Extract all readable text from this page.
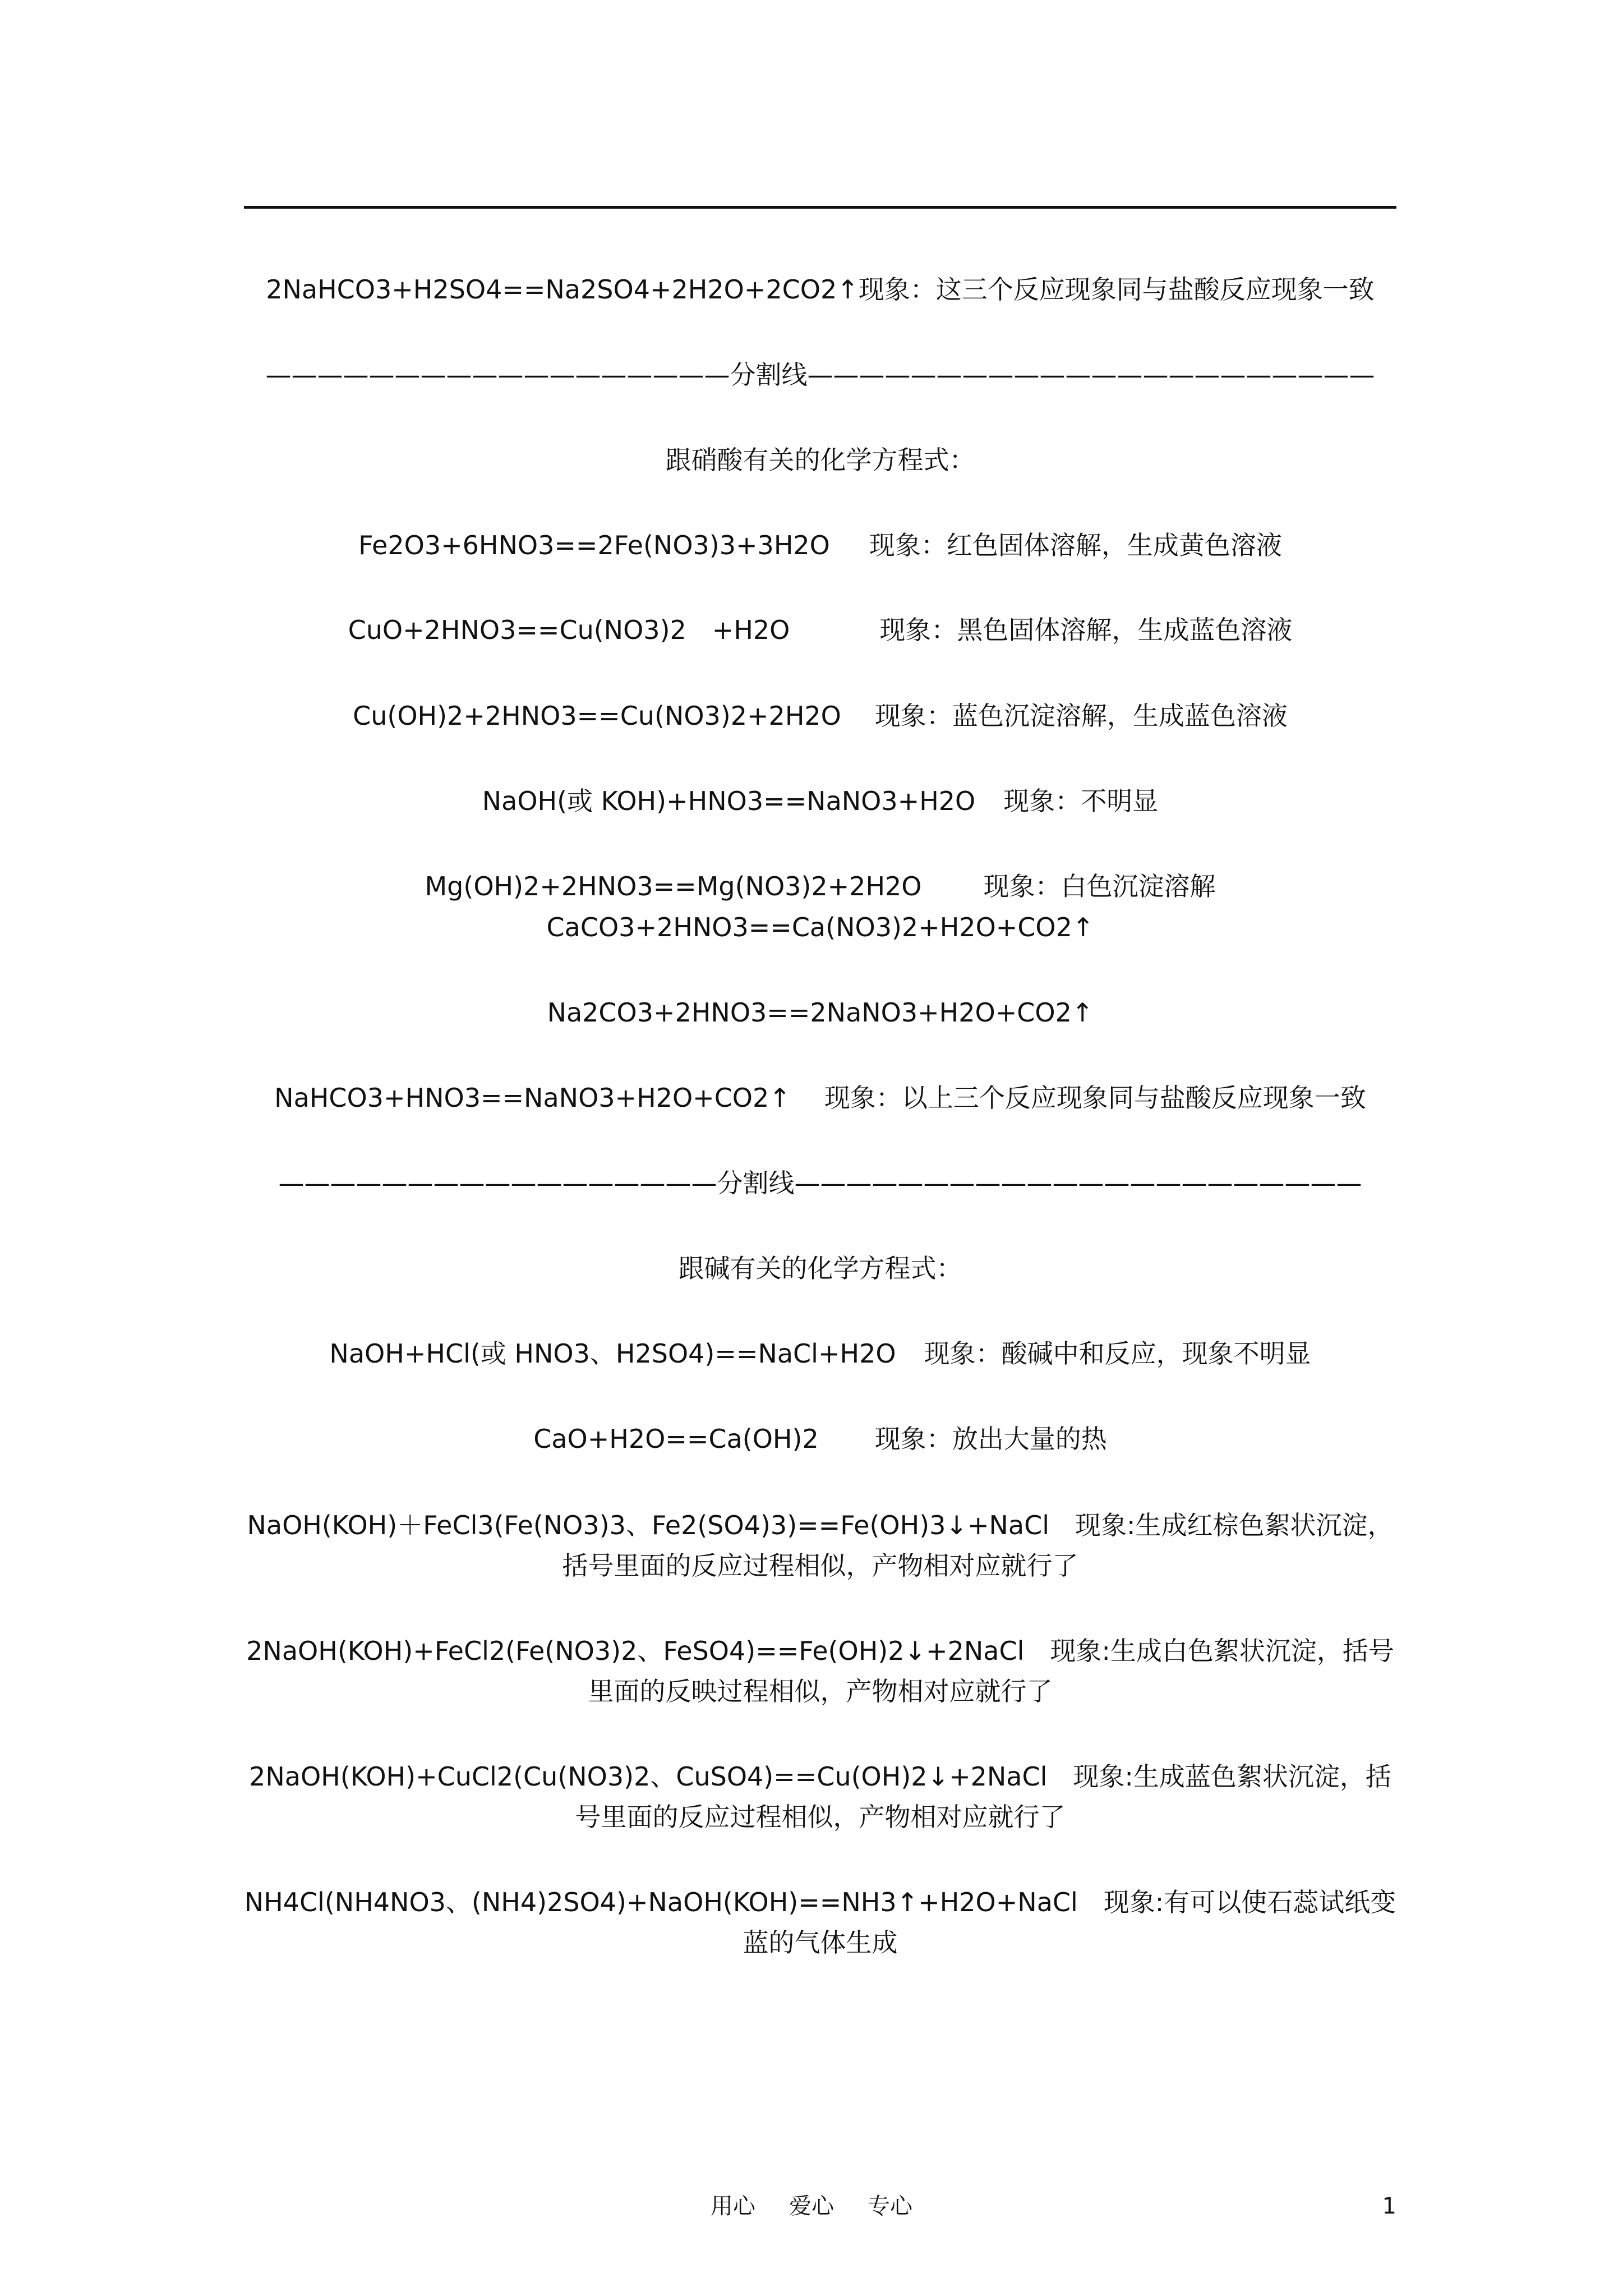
2NaHCO3+H2SO4==Na2SO4+2H2O+2CO2↑现象：这三个反应现象同与盐酸反应现象一致
——————————————————分割线——————————————————————
跟硝酸有关的化学方程式：
Fe2O3+6HNO3==2Fe(NO3)3+3H2O 现象：红色固体溶解，生成黄色溶液
CuO+2HNO3==Cu(NO3)2　+H2O	现象：黑色固体溶解，生成蓝色溶液
Cu(OH)2+2HNO3==Cu(NO3)2+2H2O 现象：蓝色沉淀溶解，生成蓝色溶液
NaOH(或 KOH)+HNO3==NaNO3+H2O 现象：不明显
Mg(OH)2+2HNO3==Mg(NO3)2+2H2O 现象：白色沉淀溶解
CaCO3+2HNO3==Ca(NO3)2+H2O+CO2↑
Na2CO3+2HNO3==2NaNO3+H2O+CO2↑
NaHCO3+HNO3==NaNO3+H2O+CO2↑ 现象：以上三个反应现象同与盐酸反应现象一致
—————————————————分割线——————————————————————
跟碱有关的化学方程式：
NaOH+HCl(或 HNO3、H2SO4)==NaCl+H2O 现象：酸碱中和反应，现象不明显
CaO+H2O==Ca(OH)2 现象：放出大量的热
NaOH(KOH)＋FeCl3(Fe(NO3)3、Fe2(SO4)3)==Fe(OH)3↓+NaCl　现象:生成红棕色絮状沉淀，括号里面的反应过程相似，产物相对应就行了
2NaOH(KOH)+FeCl2(Fe(NO3)2、FeSO4)==Fe(OH)2↓+2NaCl　现象:生成白色絮状沉淀，括号里面的反映过程相似，产物相对应就行了
2NaOH(KOH)+CuCl2(Cu(NO3)2、CuSO4)==Cu(OH)2↓+2NaCl　现象:生成蓝色絮状沉淀，括号里面的反应过程相似，产物相对应就行了
NH4Cl(NH4NO3、(NH4)2SO4)+NaOH(KOH)==NH3↑+H2O+NaCl　现象:有可以使石蕊试纸变蓝的气体生成
用心 爱心 专心	1
